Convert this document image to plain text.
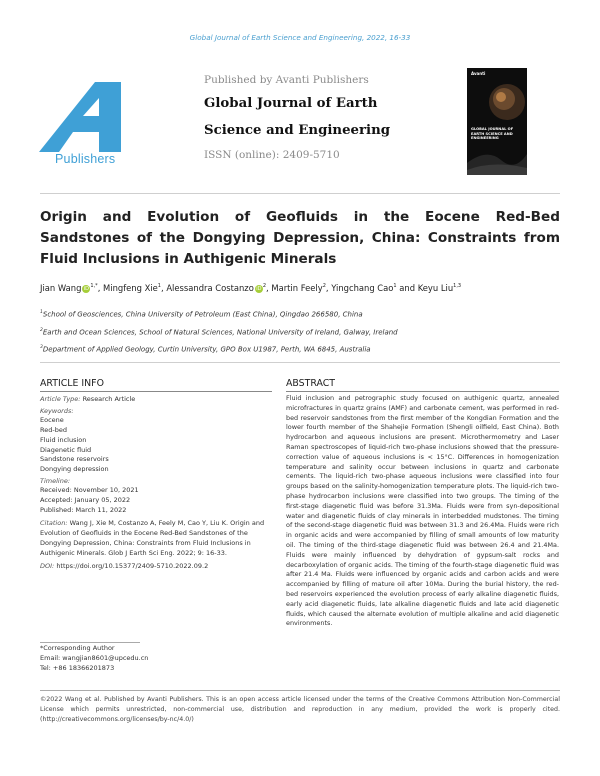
Global Journal of Earth Science and Engineering, 2022, 16-33
Publishers
Published by Avanti Publishers
Global Journal of Earth
Science and Engineering
ISSN (online): 2409-5710
Avanti
GLOBAL JOURNAL OF EARTH SCIENCE AND ENGINEERING
Origin and Evolution of Geofluids in the Eocene Red-Bed Sandstones of the Dongying Depression, China: Constraints from Fluid Inclusions in Authigenic Minerals
Jian Wang $iD^{1,*}$, Mingfeng Xie$^1$, Alessandra Costanzo $iD^2$, Martin Feely$^2$, Yingchang Cao$^1$ and Keyu Liu$^{1,3}$
$^1$School of Geosciences, China University of Petroleum (East China), Qingdao 266580, China
$^2$Earth and Ocean Sciences, School of Natural Sciences, National University of Ireland, Galway, Ireland
$^3$Department of Applied Geology, Curtin University, GPO Box U1987, Perth, WA 6845, Australia
ARTICLE INFO	ABSTRACT
Article Type: Research Article
Keywords:
Eocene
Red-bed
Fluid inclusion
Diagenetic fluid
Sandstone reservoirs
Dongying depression
Timeline:
Received: November 10, 2021
Accepted: January 05, 2022
Published: March 11, 2022
Citation: Wang J, Xie M, Costanzo A, Feely M, Cao Y, Liu K. Origin and Evolution of Geofluids in the Eocene Red-Bed Sandstones of the Dongying Depression, China: Constraints from Fluid Inclusions in Authigenic Minerals. Glob J Earth Sci Eng. 2022; 9: 16-33.
DOI: https://doi.org/10.15377/2409-5710.2022.09.2
Fluid inclusion and petrographic study focused on authigenic quartz, annealed microfractures in quartz grains (AMF) and carbonate cement, was performed in red-bed reservoir sandstones from the first member of the Kongdian Formation and the lower fourth member of the Shahejie Formation (Shengli oilfield, East China). Both hydrocarbon and aqueous inclusions are present. Microthermometry and Laser Raman spectroscopes of liquid-rich two-phase inclusions showed that the pressure-correction value of aqueous inclusions is < 15°C. Differences in homogenization temperature and salinity occur between inclusions in quartz and carbonate cements. The liquid-rich two-phase aqueous inclusions were classified into four groups based on the salinity-homogenization temperature plots. The liquid-rich two-phase hydrocarbon inclusions were classified into two groups. The timing of the first-stage diagenetic fluid was before 31.3Ma. Fluids were from syn-depositional water and diagenetic fluids of clay minerals in interbedded mudstones. The timing of the second-stage diagenetic fluid was between 31.3 and 26.4Ma. Fluids were rich in organic acids and were accompanied by filling of small amounts of low maturity oil. The timing of the third-stage diagenetic fluid was between 26.4 and 21.4Ma. Fluids were mainly influenced by dehydration of gypsum-salt rocks and decarboxylation of organic acids. The timing of the fourth-stage diagenetic fluid was after 21.4 Ma. Fluids were influenced by organic acids and carbon acids and were accompanied by filling of mature oil after 10Ma. During the burial history, the red-bed reservoirs experienced the evolution process of early alkaline diagenetic fluids, early acid diagenetic fluids, late alkaline diagenetic fluids and late acid diagenetic fluids, which caused the alternate evolution of multiple alkaline and acid diagenetic environments.
*Corresponding Author
Email: wangjian8601@upcedu.cn
Tel: +86 18366201873
©2022 Wang et al. Published by Avanti Publishers. This is an open access article licensed under the terms of the Creative Commons Attribution Non-Commercial License which permits unrestricted, non-commercial use, distribution and reproduction in any medium, provided the work is properly cited. (http://creativecommons.org/licenses/by-nc/4.0/)
